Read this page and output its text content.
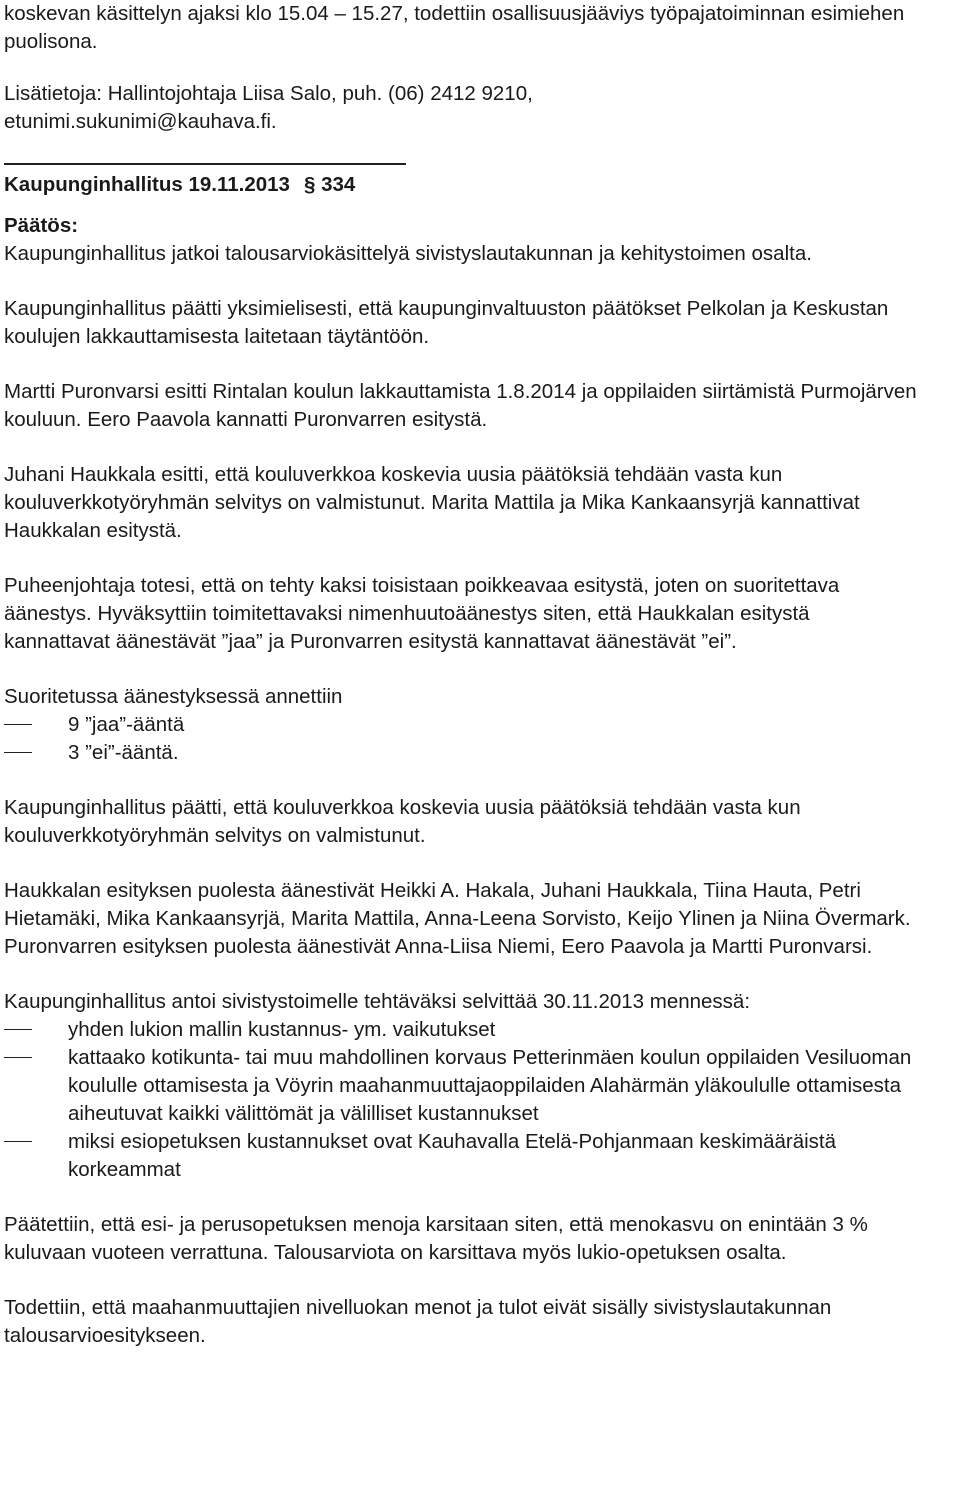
koskevan käsittelyn ajaksi klo 15.04 – 15.27, todettiin osallisuusjääviys työpajatoiminnan esimiehen puolisona.

Lisätietoja: Hallintojohtaja Liisa Salo, puh. (06) 2412 9210, etunimi.sukunimi@kauhava.fi.

Kaupunginhallitus 19.11.2013 § 334

Päätös:

Kaupunginhallitus jatkoi talousarviokäsittelyä sivistyslautakunnan ja kehitystoimen osalta.

Kaupunginhallitus päätti yksimielisesti, että kaupunginvaltuuston päätökset Pelkolan ja Keskustan koulujen lakkauttamisesta laitetaan täytäntöön.

Martti Puronvarsi esitti Rintalan koulun lakkauttamista 1.8.2014 ja oppilaiden siirtämistä Purmojärven kouluun. Eero Paavola kannatti Puronvarren esitystä.

Juhani Haukkala esitti, että kouluverkkoa koskevia uusia päätöksiä tehdään vasta kun kouluverkkotyöryhmän selvitys on valmistunut. Marita Mattila ja Mika Kankaansyrjä kannattivat Haukkalan esitystä.

Puheenjohtaja totesi, että on tehty kaksi toisistaan poikkeavaa esitystä, joten on suoritettava äänestys. Hyväksyttiin toimitettavaksi nimenhuutoäänestys siten, että Haukkalan esitystä kannattavat äänestävät ”jaa” ja Puronvarren esitystä kannattavat äänestävät ”ei”.

Suoritetussa äänestyksessä annettiin

9 ”jaa”-ääntä
3 ”ei”-ääntä.

Kaupunginhallitus päätti, että kouluverkkoa koskevia uusia päätöksiä tehdään vasta kun kouluverkkotyöryhmän selvitys on valmistunut.

Haukkalan esityksen puolesta äänestivät Heikki A. Hakala, Juhani Haukkala, Tiina Hauta, Petri Hietamäki, Mika Kankaansyrjä, Marita Mattila, Anna-Leena Sorvisto, Keijo Ylinen ja Niina Övermark. Puronvarren esityksen puolesta äänestivät Anna-Liisa Niemi, Eero Paavola ja Martti Puronvarsi.

Kaupunginhallitus antoi sivistystoimelle tehtäväksi selvittää 30.11.2013 mennessä:

yhden lukion mallin kustannus- ym. vaikutukset
kattaako kotikunta- tai muu mahdollinen korvaus Petterinmäen koulun oppilaiden Vesiluoman koululle ottamisesta ja Vöyrin maahanmuuttajaoppilaiden Alahärmän yläkoululle ottamisesta aiheutuvat kaikki välittömät ja välilliset kustannukset
miksi esiopetuksen kustannukset ovat Kauhavalla Etelä-Pohjanmaan keskimääräistä korkeammat

Päätettiin, että esi- ja perusopetuksen menoja karsitaan siten, että menokasvu on enintään 3 % kuluvaan vuoteen verrattuna. Talousarviota on karsittava myös lukio-opetuksen osalta.

Todettiin, että maahanmuuttajien nivelluokan menot ja tulot eivät sisälly sivistyslautakunnan talousarvioesitykseen.
